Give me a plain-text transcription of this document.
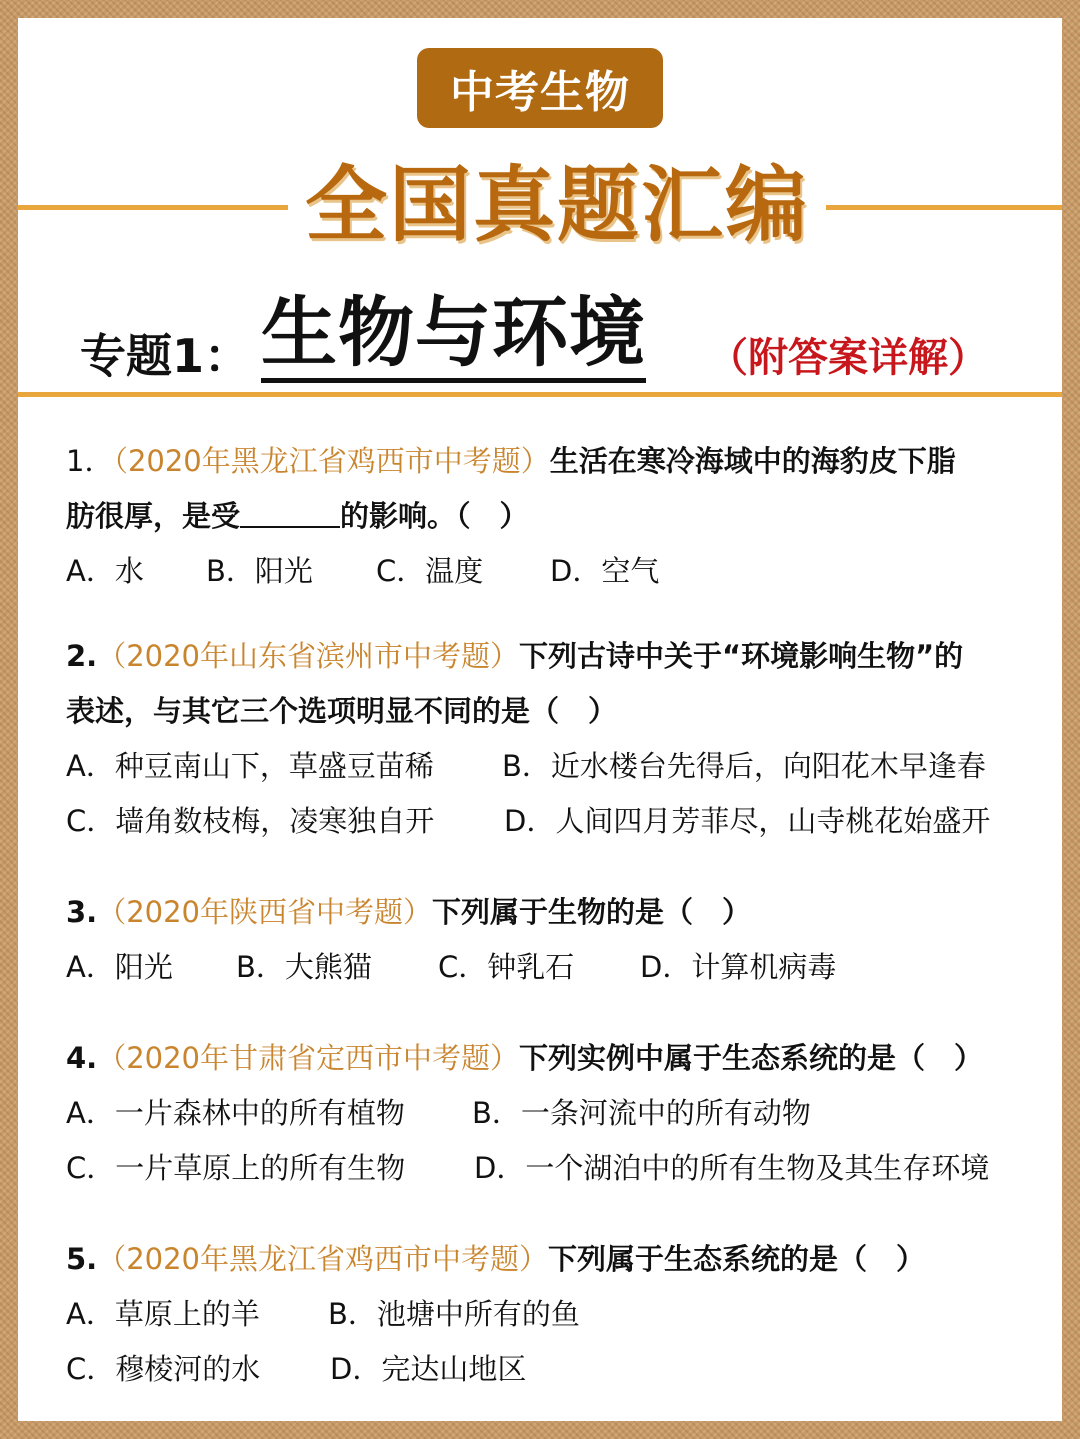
中考生物
全国真题汇编
专题1： 生物与环境 （附答案详解）
1．（2020年黑龙江省鸡西市中考题）生活在寒冷海域中的海豹皮下脂
肪很厚，是受	的影响。（　）
A．水 B．阳光 C．温度 D．空气
2.（2020年山东省滨州市中考题）下列古诗中关于“环境影响生物”的
表述，与其它三个选项明显不同的是（　）
A．种豆南山下，草盛豆苗稀 B．近水楼台先得后，向阳花木早逢春
C．墙角数枝梅，凌寒独自开 D．人间四月芳菲尽，山寺桃花始盛开
3.（2020年陕西省中考题）下列属于生物的是（　）
A．阳光 B．大熊猫 C．钟乳石 D．计算机病毒
4.（2020年甘肃省定西市中考题）下列实例中属于生态系统的是（　）
A．一片森林中的所有植物 B．一条河流中的所有动物
C．一片草原上的所有生物 D．一个湖泊中的所有生物及其生存环境
5.（2020年黑龙江省鸡西市中考题）下列属于生态系统的是（　）
A．草原上的羊 B．池塘中所有的鱼
C．穆棱河的水 D．完达山地区
